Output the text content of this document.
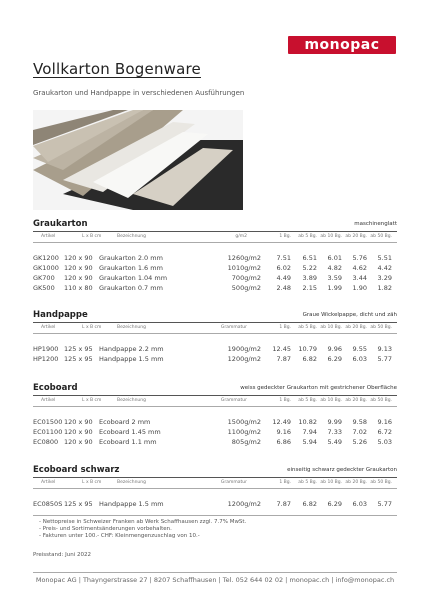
monopac
Vollkarton Bogenware
Graukarton und Handpappe in verschiedenen Ausführungen
Graukarton	maschinenglatt
Artikel	L x B cm	Bezeichnung	g/m2	1 Bg. ab 5 Bg. ab 10 Bg. ab 20 Bg. ab 50 Bg.
GK1200 120 x 90 Graukarton 2.0 mm	1260g/m2 7.51 6.51 6.01 5.76 5.51
GK1000 120 x 90 Graukarton 1.6 mm	1010g/m2 6.02 5.22 4.82 4.62 4.42
GK700 120 x 90 Graukarton 1.04 mm	700g/m2 4.49 3.89 3.59 3.44 3.29
GK500 110 x 80 Graukarton 0.7 mm	500g/m2 2.48 2.15 1.99 1.90 1.82
Handpappe	Graue Wickelpappe, dicht und zäh
Artikel	L x B cm	Bezeichnung	Grammatur	1 Bg. ab 5 Bg. ab 10 Bg. ab 20 Bg. ab 50 Bg.
HP1900 125 x 95 Handpappe 2.2 mm	1900g/m2 12.45 10.79 9.96 9.55 9.13
HP1200 125 x 95 Handpappe 1.5 mm	1200g/m2 7.87 6.82 6.29 6.03 5.77
Ecoboard	weiss gedeckter Graukarton mit gestrichener Oberfläche
Artikel	L x B cm	Bezeichnung	Grammatur	1 Bg. ab 5 Bg. ab 10 Bg. ab 20 Bg. ab 50 Bg.
EC01500 120 x 90 Ecoboard 2 mm	1500g/m2 12.49 10.82 9.99 9.58 9.16
EC01100 120 x 90 Ecoboard 1.45 mm	1100g/m2 9.16 7.94 7.33 7.02 6.72
EC0800 120 x 90 Ecoboard 1.1 mm	805g/m2 6.86 5.94 5.49 5.26 5.03
Ecoboard schwarz	einseitig schwarz gedeckter Graukarton
Artikel	L x B cm	Bezeichnung	Grammatur	1 Bg. ab 5 Bg. ab 10 Bg. ab 20 Bg. ab 50 Bg.
EC0850S 125 x 95 Handpappe 1.5 mm	1200g/m2 7.87 6.82 6.29 6.03 5.77
- Nettopreise in Schweizer Franken ab Werk Schaffhausen zzgl. 7.7% MwSt.
- Preis- und Sortimentsänderungen vorbehalten.
- Fakturen unter 100.- CHF: Kleinmengenzuschlag von 10.-
Preisstand: Juni 2022
Monopac AG | Thayngerstrasse 27 | 8207 Schaffhausen | Tel. 052 644 02 02 | monopac.ch | info@monopac.ch
